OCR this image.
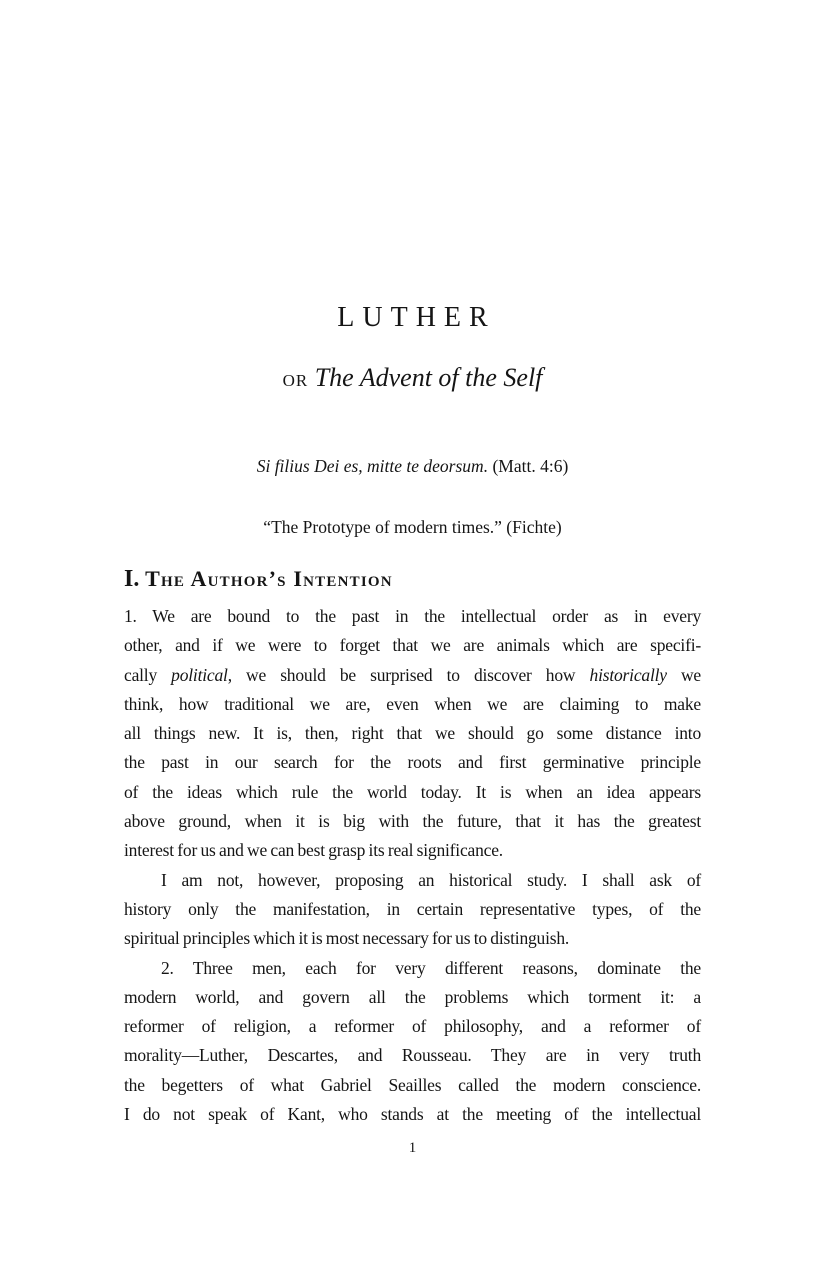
LUTHER
or The Advent of the Self
Si filius Dei es, mitte te deorsum. (Matt. 4:6)
“The Prototype of modern times.” (Fichte)
I. The Author’s Intention
1. We are bound to the past in the intellectual order as in every
other, and if we were to forget that we are animals which are specifi-
cally political, we should be surprised to discover how historically we
think, how traditional we are, even when we are claiming to make
all things new. It is, then, right that we should go some distance into
the past in our search for the roots and first germinative principle
of the ideas which rule the world today. It is when an idea appears
above ground, when it is big with the future, that it has the greatest
interest for us and we can best grasp its real significance.
I am not, however, proposing an historical study. I shall ask of
history only the manifestation, in certain representative types, of the
spiritual principles which it is most necessary for us to distinguish.
2. Three men, each for very different reasons, dominate the
modern world, and govern all the problems which torment it: a
reformer of religion, a reformer of philosophy, and a reformer of
morality—Luther, Descartes, and Rousseau. They are in very truth
the begetters of what Gabriel Seailles called the modern conscience.
I do not speak of Kant, who stands at the meeting of the intellectual
1
